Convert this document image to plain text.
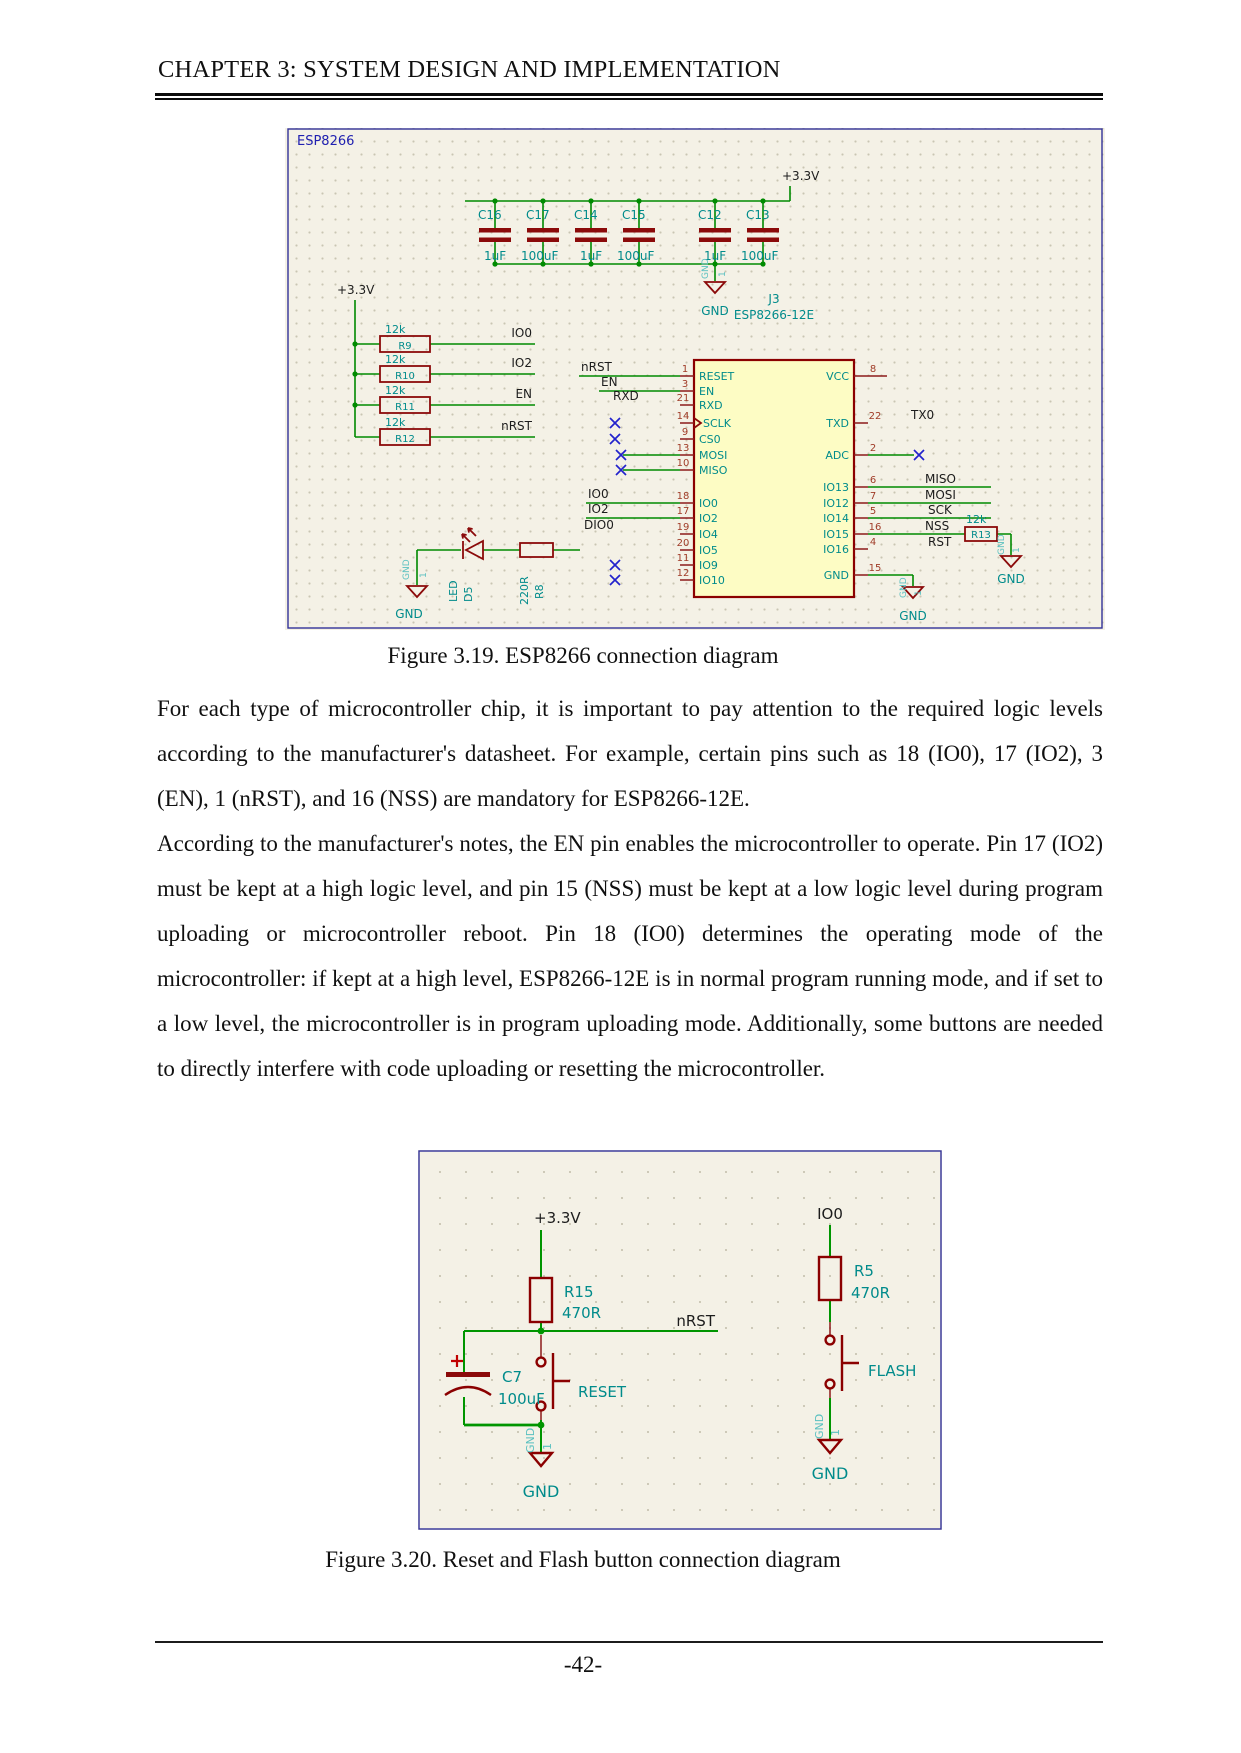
CHAPTER 3: SYSTEM DESIGN AND IMPLEMENTATION
ESP8266
+3.3V
C16 C17 C14 C15	C12 C13
1uF 100uF 1uF 100uF	1uF 100uF
GND
GND 1
+3.3V
12k
R9
12k
R10
12k
R11
12k
R12
IO0
IO2
EN
nRST
J3
ESP8266-12E
RESET
EN
RXD
SCLK
CS0
MOSI
MISO
IO0
IO2
IO4
IO5
IO9
IO10
1
3
21
14
9
13
10
18
17
19
20
11
12
nRST
EN
RXD
IO0
IO2
DIO0
VCC
TXD
ADC
IO13
IO12
IO14
IO15
IO16
GND
8
22
2
6
7
5
16
4
15
TX0
MISO
MOSI
SCK
NSS
RST
12k
R13
GND
GND
GND 1
GND 1
GND
GND 1
LED D5	220R R8
Figure 3.19. ESP8266 connection diagram

For each type of microcontroller chip, it is important to pay attention to the required logic levels according to the manufacturer's datasheet. For example, certain pins such as 18 (IO0), 17 (IO2), 3 (EN), 1 (nRST), and 16 (NSS) are mandatory for ESP8266-12E.

According to the manufacturer's notes, the EN pin enables the microcontroller to operate. Pin 17 (IO2) must be kept at a high logic level, and pin 15 (NSS) must be kept at a low logic level during program uploading or microcontroller reboot. Pin 18 (IO0) determines the operating mode of the microcontroller: if kept at a high level, ESP8266-12E is in normal program running mode, and if set to a low level, the microcontroller is in program uploading mode. Additionally, some buttons are needed to directly interfere with code uploading or resetting the microcontroller.

+3.3V
R15
470R	nRST
C7
100uF RESET
GND 1
GND
IO0
R5
470R
FLASH
GND 1
GND
Figure 3.20. Reset and Flash button connection diagram
-42-
